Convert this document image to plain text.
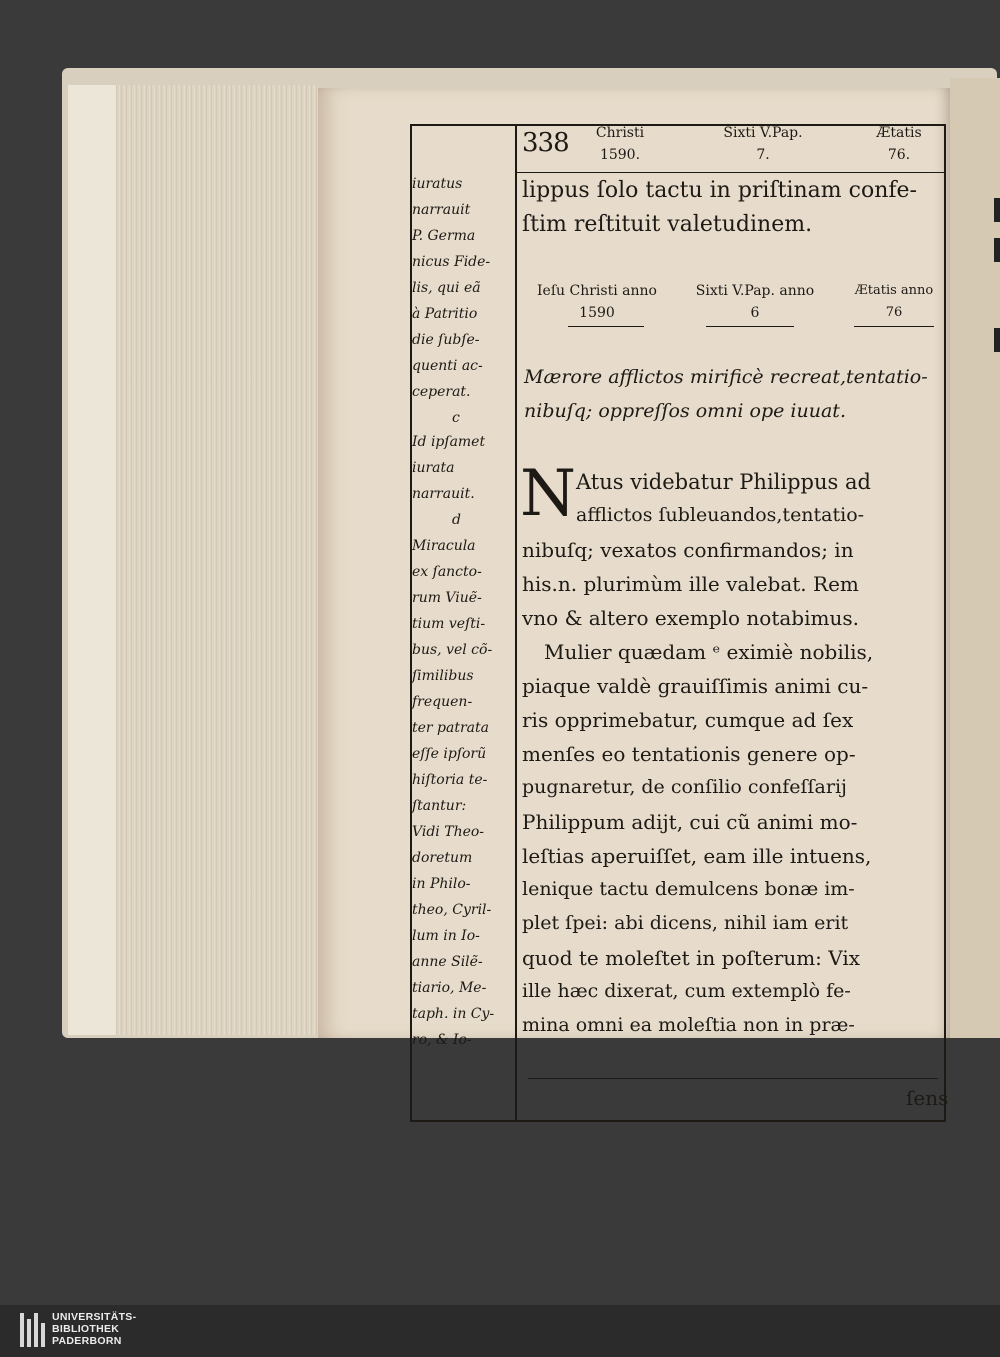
338	Christi
1590.
Sixti V.Pap.
7.
Ætatis
76.
lippus ſolo tactu in priſtinam confe-
ſtim reſtituit valetudinem.
Ieſu Christi anno
1590
Sixti V.Pap. anno
6
Ætatis anno
76
Mærore afflictos mirificè recreat,tentatio-
nibuſq; oppreſſos omni ope iuuat.
N Atus videbatur Philippus ad
afflictos ſubleuandos,tentatio-
nibuſq; vexatos confirmandos; in
his.n. plurimùm ille valebat. Rem
vno & altero exemplo notabimus.
Mulier quædam ᵉ eximiè nobilis,
piaque valdè grauiſſimis animi cu-
ris opprimebatur, cumque ad ſex
menſes eo tentationis genere op-
pugnaretur, de conſilio confeſſarij
Philippum adijt, cui cũ animi mo-
leſtias aperuiſſet, eam ille intuens,
lenique tactu demulcens bonæ im-
plet ſpei: abi dicens, nihil iam erit
quod te moleſtet in poſterum: Vix
ille hæc dixerat, cum extemplò fe-
mina omni ea moleſtia non in præ-
ſens
iuratus
narrauit
P. Germa
nicus Fide-
lis, qui eã
à Patritio
die ſubſe-
quenti ac-
ceperat.
c
Id ipſamet
iurata
narrauit.
d
Miracula
ex ſancto-
rum Viuẽ-
tium veſti-
bus, vel cõ-
ſimilibus
frequen-
ter patrata
eſſe ipſorũ
hiſtoria te-
ſtantur:
Vidi Theo-
doretum
in Philo-
theo, Cyril-
lum in Io-
anne Silẽ-
tiario, Me-
taph. in Cy-
ro, & Io-
UNIVERSITÄTS-
BIBLIOTHEK
PADERBORN
